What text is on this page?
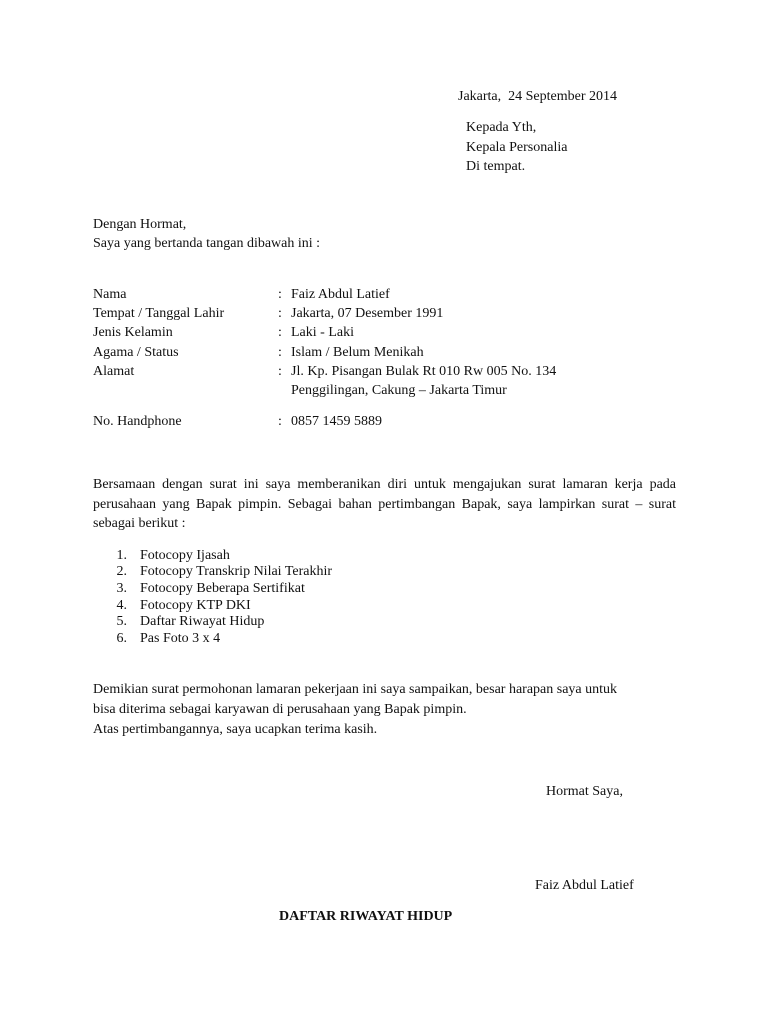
Jakarta,  24 September 2014
Kepada Yth,
Kepala Personalia
Di tempat.
Dengan Hormat,
Saya yang bertanda tangan dibawah ini :
Nama	: Faiz Abdul Latief
Tempat / Tanggal Lahir	: Jakarta, 07 Desember 1991
Jenis Kelamin	: Laki - Laki
Agama / Status	: Islam / Belum Menikah
Alamat	: Jl. Kp. Pisangan Bulak Rt 010 Rw 005 No. 134
Penggilingan, Cakung – Jakarta Timur
No. Handphone	: 0857 1459 5889
Bersamaan dengan surat ini saya memberanikan diri untuk mengajukan surat lamaran kerja pada perusahaan yang Bapak pimpin. Sebagai bahan pertimbangan Bapak, saya lampirkan surat – surat sebagai berikut :
1. Fotocopy Ijasah
2. Fotocopy Transkrip Nilai Terakhir
3. Fotocopy Beberapa Sertifikat
4. Fotocopy KTP DKI
5. Daftar Riwayat Hidup
6. Pas Foto 3 x 4
Demikian surat permohonan lamaran pekerjaan ini saya sampaikan, besar harapan saya untuk
bisa diterima sebagai karyawan di perusahaan yang Bapak pimpin.
Atas pertimbangannya, saya ucapkan terima kasih.
Hormat Saya,
Faiz Abdul Latief
DAFTAR RIWAYAT HIDUP
